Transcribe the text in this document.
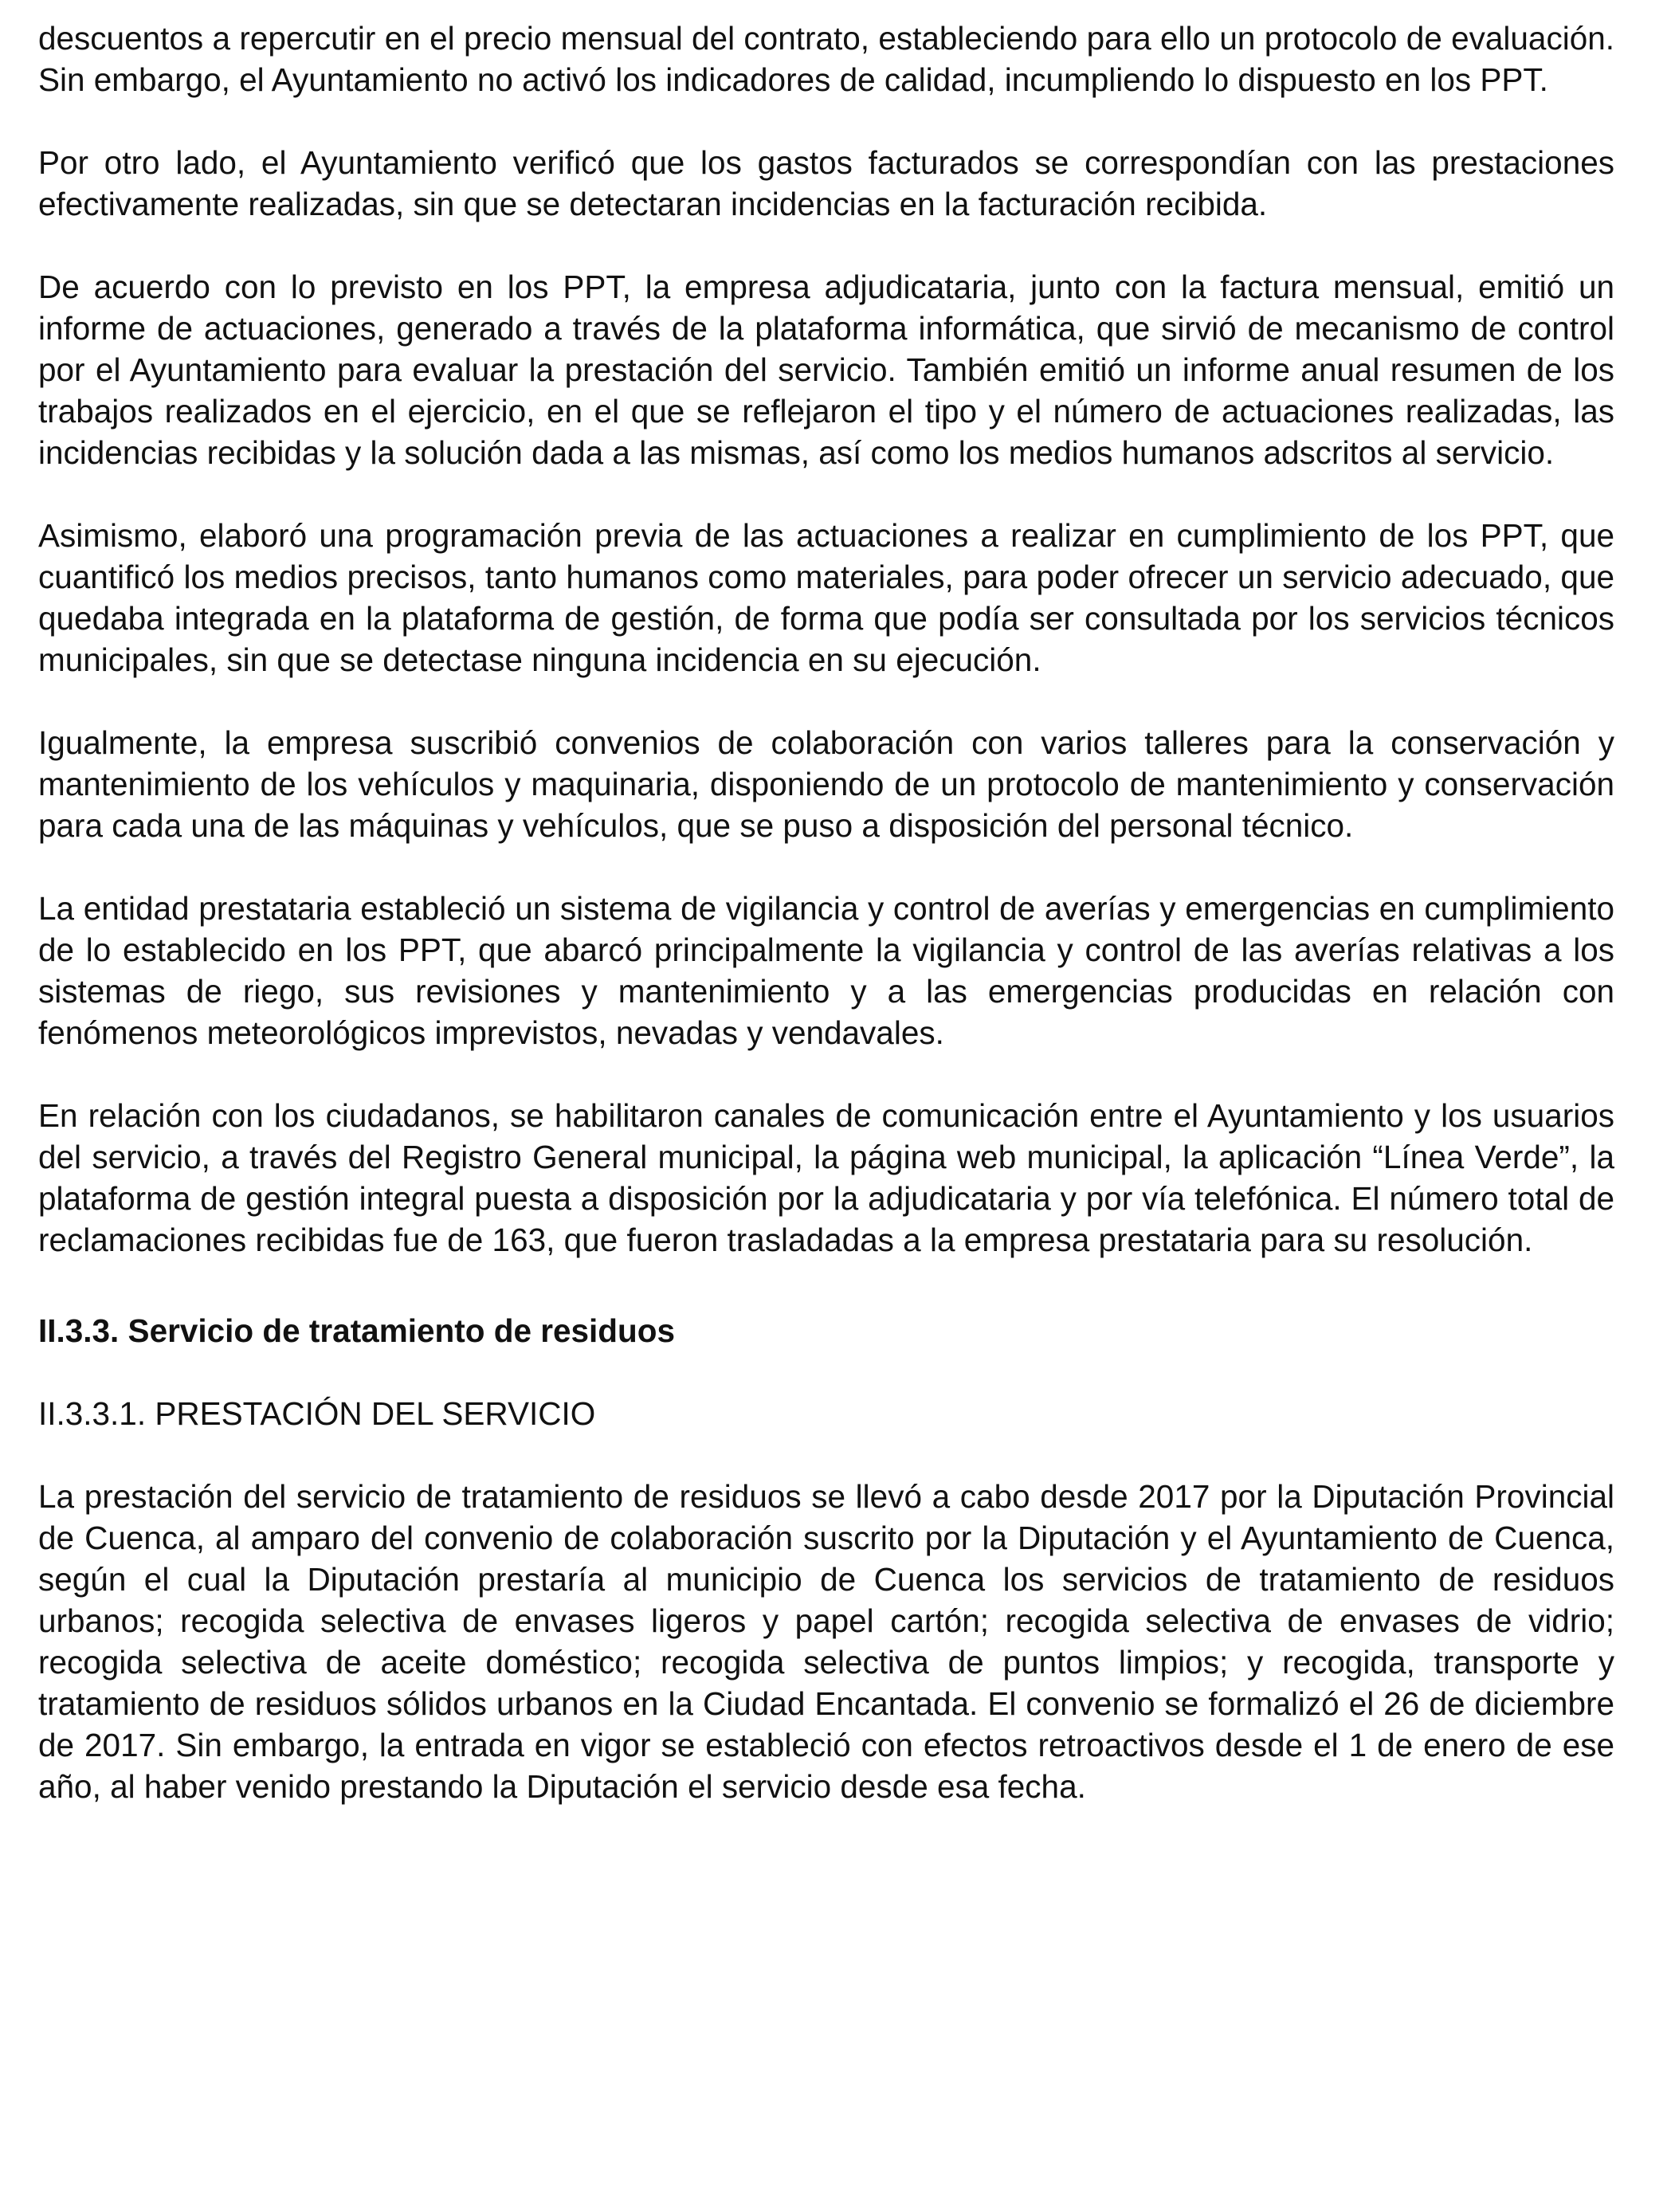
descuentos a repercutir en el precio mensual del contrato, estableciendo para ello un protocolo de evaluación. Sin embargo, el Ayuntamiento no activó los indicadores de calidad, incumpliendo lo dispuesto en los PPT.

Por otro lado, el Ayuntamiento verificó que los gastos facturados se correspondían con las prestaciones efectivamente realizadas, sin que se detectaran incidencias en la facturación recibida.

De acuerdo con lo previsto en los PPT, la empresa adjudicataria, junto con la factura mensual, emitió un informe de actuaciones, generado a través de la plataforma informática, que sirvió de mecanismo de control por el Ayuntamiento para evaluar la prestación del servicio. También emitió un informe anual resumen de los trabajos realizados en el ejercicio, en el que se reflejaron el tipo y el número de actuaciones realizadas, las incidencias recibidas y la solución dada a las mismas, así como los medios humanos adscritos al servicio.

Asimismo, elaboró una programación previa de las actuaciones a realizar en cumplimiento de los PPT, que cuantificó los medios precisos, tanto humanos como materiales, para poder ofrecer un servicio adecuado, que quedaba integrada en la plataforma de gestión, de forma que podía ser consultada por los servicios técnicos municipales, sin que se detectase ninguna incidencia en su ejecución.

Igualmente, la empresa suscribió convenios de colaboración con varios talleres para la conservación y mantenimiento de los vehículos y maquinaria, disponiendo de un protocolo de mantenimiento y conservación para cada una de las máquinas y vehículos, que se puso a disposición del personal técnico.

La entidad prestataria estableció un sistema de vigilancia y control de averías y emergencias en cumplimiento de lo establecido en los PPT, que abarcó principalmente la vigilancia y control de las averías relativas a los sistemas de riego, sus revisiones y mantenimiento y a las emergencias producidas en relación con fenómenos meteorológicos imprevistos, nevadas y vendavales.

En relación con los ciudadanos, se habilitaron canales de comunicación entre el Ayuntamiento y los usuarios del servicio, a través del Registro General municipal, la página web municipal, la aplicación “Línea Verde”, la plataforma de gestión integral puesta a disposición por la adjudicataria y por vía telefónica. El número total de reclamaciones recibidas fue de 163, que fueron trasladadas a la empresa prestataria para su resolución.

II.3.3. Servicio de tratamiento de residuos
II.3.3.1. PRESTACIÓN DEL SERVICIO

La prestación del servicio de tratamiento de residuos se llevó a cabo desde 2017 por la Diputación Provincial de Cuenca, al amparo del convenio de colaboración suscrito por la Diputación y el Ayuntamiento de Cuenca, según el cual la Diputación prestaría al municipio de Cuenca los servicios de tratamiento de residuos urbanos; recogida selectiva de envases ligeros y papel cartón; recogida selectiva de envases de vidrio; recogida selectiva de aceite doméstico; recogida selectiva de puntos limpios; y recogida, transporte y tratamiento de residuos sólidos urbanos en la Ciudad Encantada. El convenio se formalizó el 26 de diciembre de 2017. Sin embargo, la entrada en vigor se estableció con efectos retroactivos desde el 1 de enero de ese año, al haber venido prestando la Diputación el servicio desde esa fecha.
